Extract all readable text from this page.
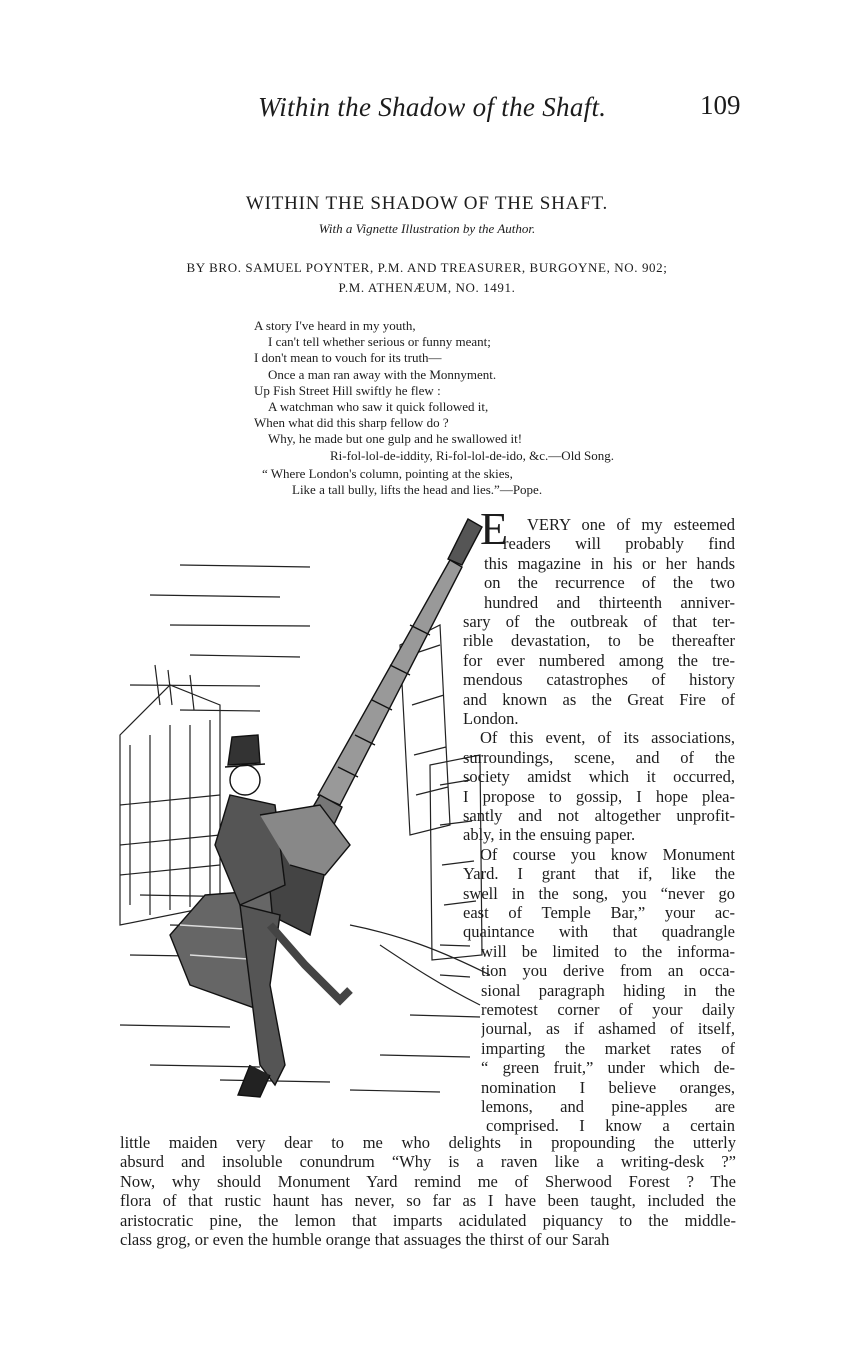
Within the Shadow of the Shaft.	109
WITHIN THE SHADOW OF THE SHAFT.
With a Vignette Illustration by the Author.
BY BRO. SAMUEL POYNTER, P.M. AND TREASURER, BURGOYNE, NO. 902;
P.M. ATHENÆUM, NO. 1491.
A story I've heard in my youth,
I can't tell whether serious or funny meant;
I don't mean to vouch for its truth—
Once a man ran away with the Monnyment.
Up Fish Street Hill swiftly he flew :
A watchman who saw it quick followed it,
When what did this sharp fellow do ?
Why, he made but one gulp and he swallowed it!
Ri-fol-lol-de-iddity, Ri-fol-lol-de-ido, &c.—Old Song.
“ Where London's column, pointing at the skies,
Like a tall bully, lifts the head and lies.”—Pope.
E VERY one of my esteemed
readers will probably find
this magazine in his or her hands
on the recurrence of the two
hundred and thirteenth anniver-
sary of the outbreak of that ter-
rible devastation, to be thereafter
for ever numbered among the tre-
mendous catastrophes of history
and known as the Great Fire of
London.
Of this event, of its associations,
surroundings, scene, and of the
society amidst which it occurred,
I propose to gossip, I hope plea-
santly and not altogether unprofit-
ably, in the ensuing paper.
Of course you know Monument
Yard. I grant that if, like the
swell in the song, you “never go
east of Temple Bar,” your ac-
quaintance with that quadrangle
will be limited to the informa-
tion you derive from an occa-
sional paragraph hiding in the
remotest corner of your daily
journal, as if ashamed of itself,
imparting the market rates of
“ green fruit,” under which de-
nomination I believe oranges,
lemons, and pine-apples are
comprised. I know a certain
little maiden very dear to me who delights in propounding the utterly
absurd and insoluble conundrum “Why is a raven like a writing-desk ?”
Now, why should Monument Yard remind me of Sherwood Forest ? The
flora of that rustic haunt has never, so far as I have been taught, included the
aristocratic pine, the lemon that imparts acidulated piquancy to the middle-
class grog, or even the humble orange that assuages the thirst of our Sarah
